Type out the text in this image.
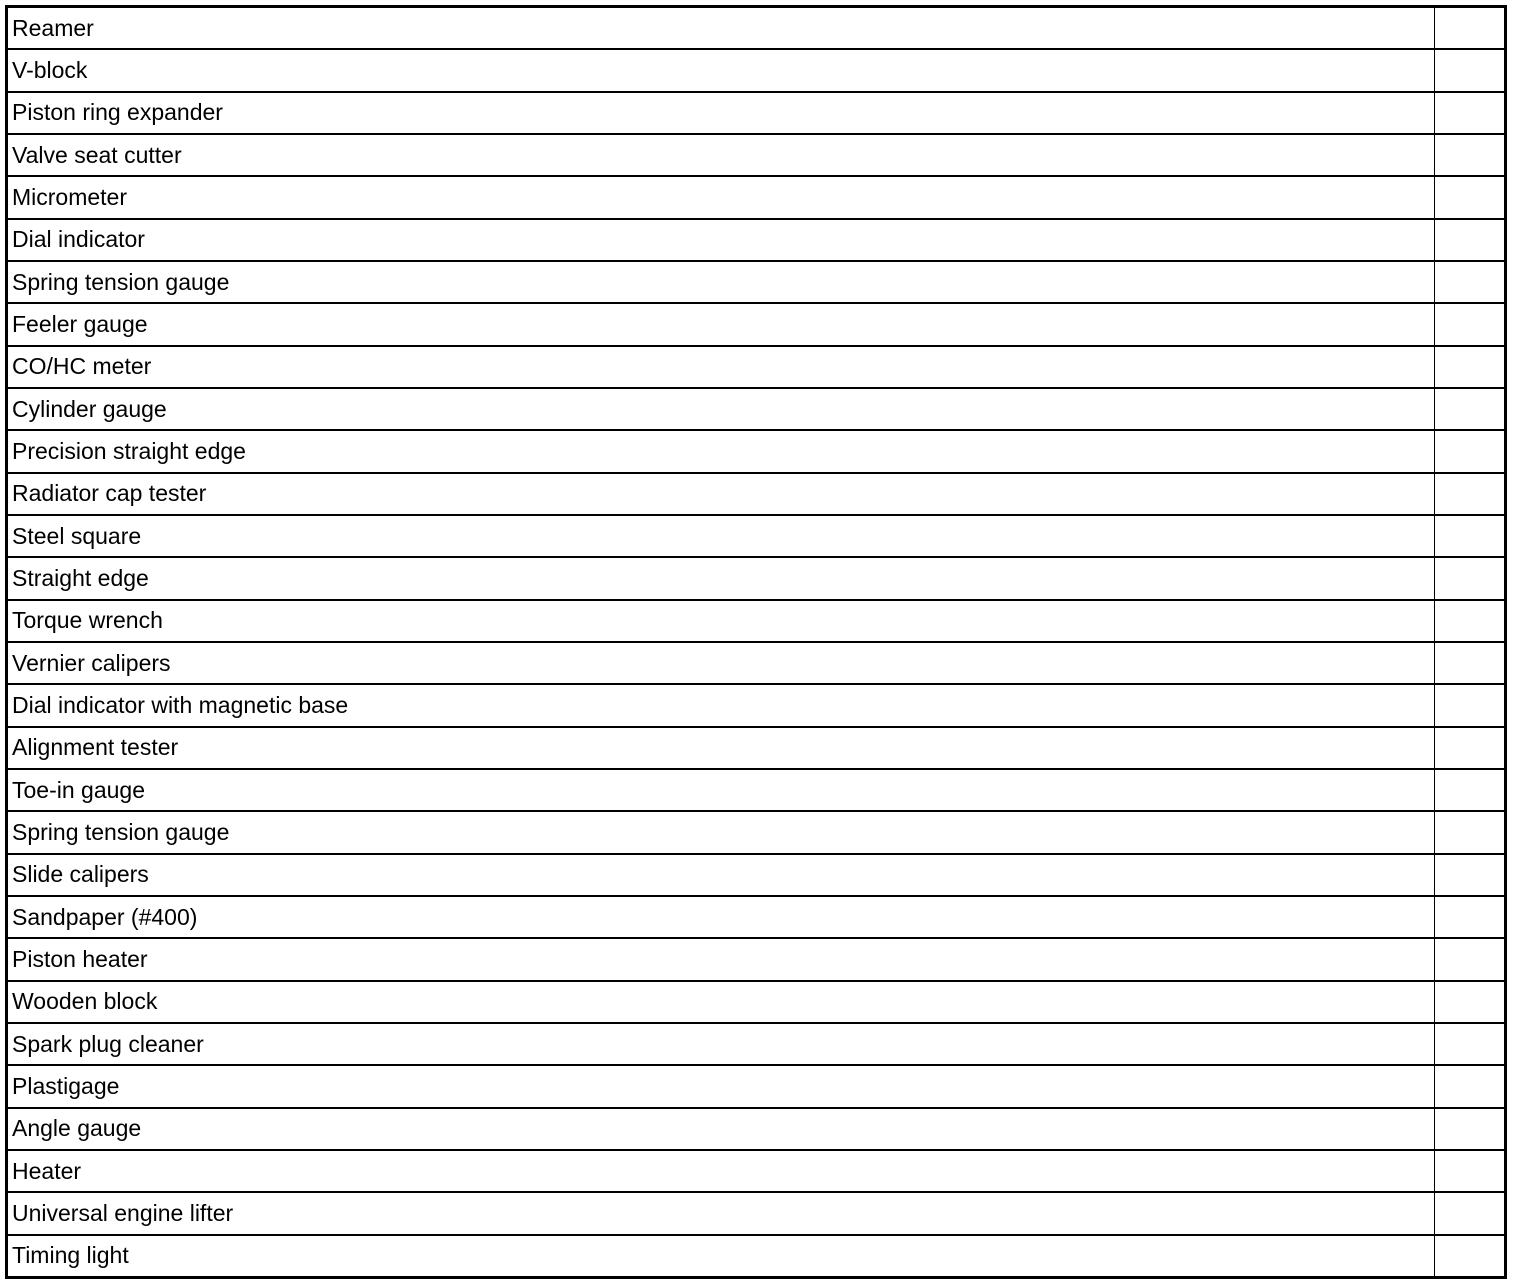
Reamer
V-block
Piston ring expander
Valve seat cutter
Micrometer
Dial indicator
Spring tension gauge
Feeler gauge
CO/HC meter
Cylinder gauge
Precision straight edge
Radiator cap tester
Steel square
Straight edge
Torque wrench
Vernier calipers
Dial indicator with magnetic base
Alignment tester
Toe-in gauge
Spring tension gauge
Slide calipers
Sandpaper (#400)
Piston heater
Wooden block
Spark plug cleaner
Plastigage
Angle gauge
Heater
Universal engine lifter
Timing light
